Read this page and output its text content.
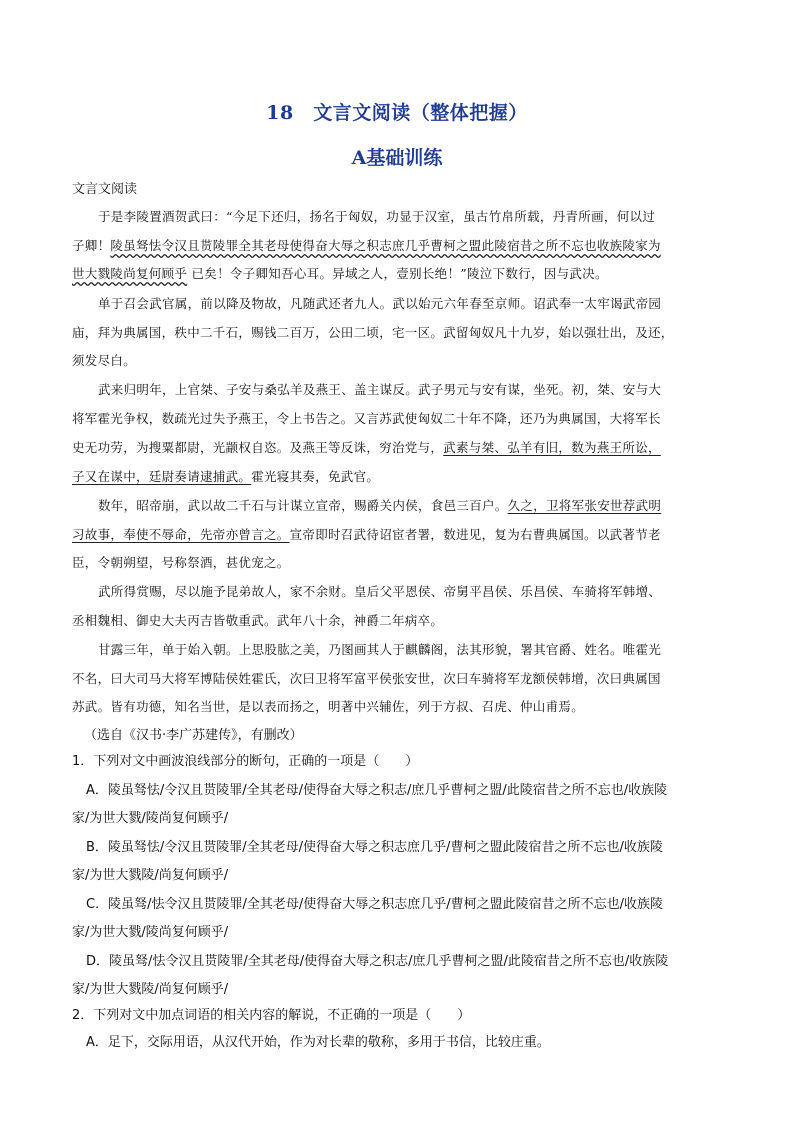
18　文言文阅读（整体把握）
A基础训练
文言文阅读
于是李陵置酒贺武曰：“今足下还归，扬名于匈奴，功显于汉室，虽古竹帛所载，丹青所画，何以过
子卿！陵虽驽怯令汉且贳陵罪全其老母使得奋大辱之积志庶几乎曹柯之盟此陵宿昔之所不忘也收族陵家为
世大戮陵尚复何顾乎 已矣！令子卿知吾心耳。异域之人，壹别长绝！”陵泣下数行，因与武决。
单于召会武官属，前以降及物故，凡随武还者九人。武以始元六年春至京师。诏武奉一太牢谒武帝园
庙，拜为典属国，秩中二千石，赐钱二百万，公田二顷，宅一区。武留匈奴凡十九岁，始以强壮出，及还，
须发尽白。
武来归明年，上官桀、子安与桑弘羊及燕王、盖主谋反。武子男元与安有谋，坐死。初，桀、安与大
将军霍光争权，数疏光过失予燕王，令上书告之。又言苏武使匈奴二十年不降，还乃为典属国，大将军长
史无功劳，为搜粟都尉，光颛权自恣。及燕王等反诛，穷治党与，武素与桀、弘羊有旧，数为燕王所讼，
子又在谋中，廷尉奏请逮捕武。霍光寝其奏，免武官。
数年，昭帝崩，武以故二千石与计谋立宣帝，赐爵关内侯，食邑三百户。久之，卫将军张安世荐武明
习故事，奉使不辱命，先帝亦曾言之。宣帝即时召武待诏宦者署，数进见，复为右曹典属国。以武著节老
臣，令朝朔望，号称祭酒，甚优宠之。
武所得赏赐，尽以施予昆弟故人，家不余财。皇后父平恩侯、帝舅平昌侯、乐昌侯、车骑将军韩增、
丞相魏相、御史大夫丙吉皆敬重武。武年八十余，神爵二年病卒。
甘露三年，单于始入朝。上思股肱之美，乃图画其人于麒麟阁，法其形貌，署其官爵、姓名。唯霍光
不名，曰大司马大将军博陆侯姓霍氏，次曰卫将军富平侯张安世，次曰车骑将军龙额侯韩增，次曰典属国
苏武。皆有功德，知名当世，是以表而扬之，明著中兴辅佐，列于方叔、召虎、仲山甫焉。
（选自《汉书·李广苏建传》，有删改）
1．下列对文中画波浪线部分的断句，正确的一项是（　　）
A．陵虽驽怯/令汉且贳陵罪/全其老母/使得奋大辱之积志/庶几乎曹柯之盟/此陵宿昔之所不忘也/收族陵
家/为世大戮/陵尚复何顾乎/
B．陵虽驽怯/令汉且贳陵罪/全其老母/使得奋大辱之积志庶几乎/曹柯之盟此陵宿昔之所不忘也/收族陵
家/为世大戮陵/尚复何顾乎/
C．陵虽驽/怯令汉且贳陵罪/全其老母/使得奋大辱之积志庶几乎/曹柯之盟此陵宿昔之所不忘也/收族陵
家/为世大戮/陵尚复何顾乎/
D．陵虽驽/怯令汉且贳陵罪/全其老母/使得奋大辱之积志/庶几乎曹柯之盟/此陵宿昔之所不忘也/收族陵
家/为世大戮陵/尚复何顾乎/
2．下列对文中加点词语的相关内容的解说，不正确的一项是（　　）
A．足下，交际用语，从汉代开始，作为对长辈的敬称，多用于书信，比较庄重。
